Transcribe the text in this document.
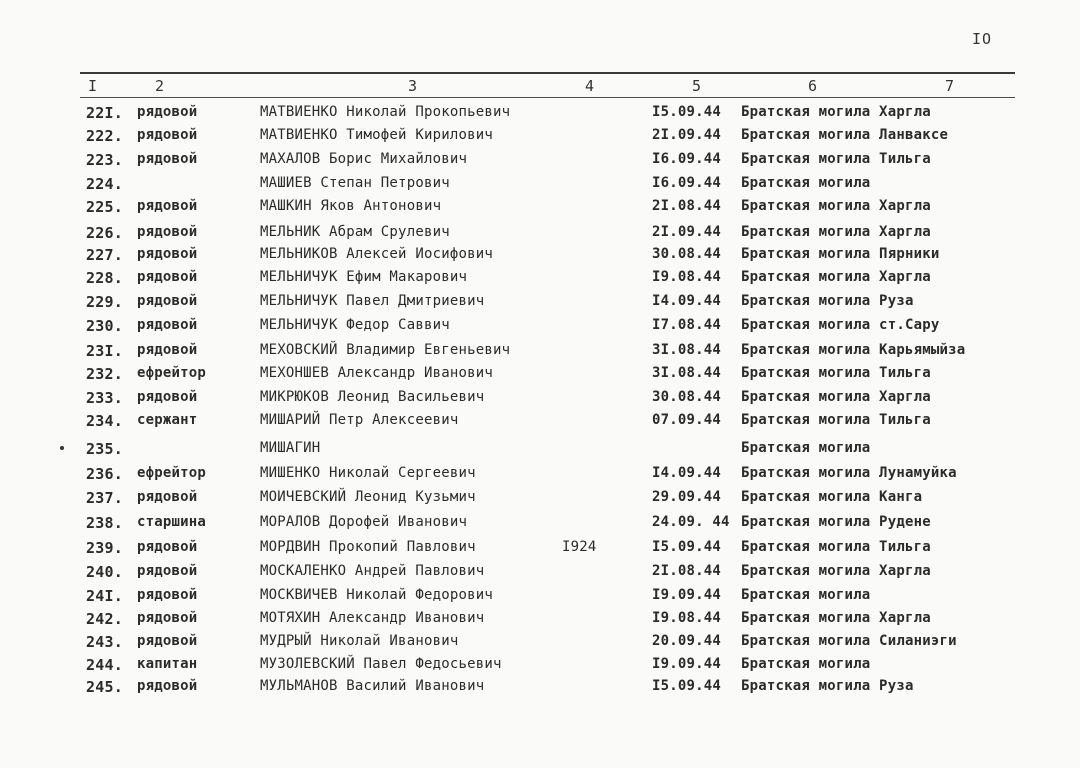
IO
I	2	3	4	5	6	7
22I. рядовой	МАТВИЕНКО Николай Прокопьевич	I5.09.44 Братская могила Харгла
222. рядовой	МАТВИЕНКО Тимофей Кирилович	2I.09.44 Братская могила Ланваксе
223. рядовой	МАХАЛОВ Борис Михайлович	I6.09.44 Братская могила Тильга
224.	МАШИЕВ Степан Петрович	I6.09.44 Братская могила
225. рядовой	МАШКИН Яков Антонович	2I.08.44 Братская могила Харгла
226. рядовой	МЕЛЬНИК Абрам Срулевич	2I.09.44 Братская могила Харгла
227. рядовой	МЕЛЬНИКОВ Алексей Иосифович	30.08.44 Братская могила Пярники
228. рядовой	МЕЛЬНИЧУК Ефим Макарович	I9.08.44 Братская могила Харгла
229. рядовой	МЕЛЬНИЧУК Павел Дмитриевич	I4.09.44 Братская могила Руза
230. рядовой	МЕЛЬНИЧУК Федор Саввич	I7.08.44 Братская могила ст.Сару
23I. рядовой	МЕХОВСКИЙ Владимир Евгеньевич	3I.08.44 Братская могила Карьямыйза
232. ефрейтор	МЕХОНШЕВ Александр Иванович	3I.08.44 Братская могила Тильга
233. рядовой	МИКРЮКОВ Леонид Васильевич	30.08.44 Братская могила Харгла
234. сержант	МИШАРИЙ Петр Алексеевич	07.09.44 Братская могила Тильга
235.	МИШАГИН	Братская могила
236. ефрейтор	МИШЕНКО Николай Сергеевич	I4.09.44 Братская могила Лунамуйка
237. рядовой	МОИЧЕВСКИЙ Леонид Кузьмич	29.09.44 Братская могила Канга
238. старшина	МОРАЛОВ Дорофей Иванович	24.09. 44 Братская могила Рудене
239. рядовой	МОРДВИН Прокопий Павлович	I924	I5.09.44 Братская могила Тильга
240. рядовой	МОСКАЛЕНКО Андрей Павлович	2I.08.44 Братская могила Харгла
24I. рядовой	МОСКВИЧЕВ Николай Федорович	I9.09.44 Братская могила
242. рядовой	МОТЯХИН Александр Иванович	I9.08.44 Братская могила Харгла
243. рядовой	МУДРЫЙ Николай Иванович	20.09.44 Братская могила Силаниэги
244. капитан	МУЗОЛЕВСКИЙ Павел Федосьевич	I9.09.44 Братская могила
245. рядовой	МУЛЬМАНОВ Василий Иванович	I5.09.44 Братская могила Руза
